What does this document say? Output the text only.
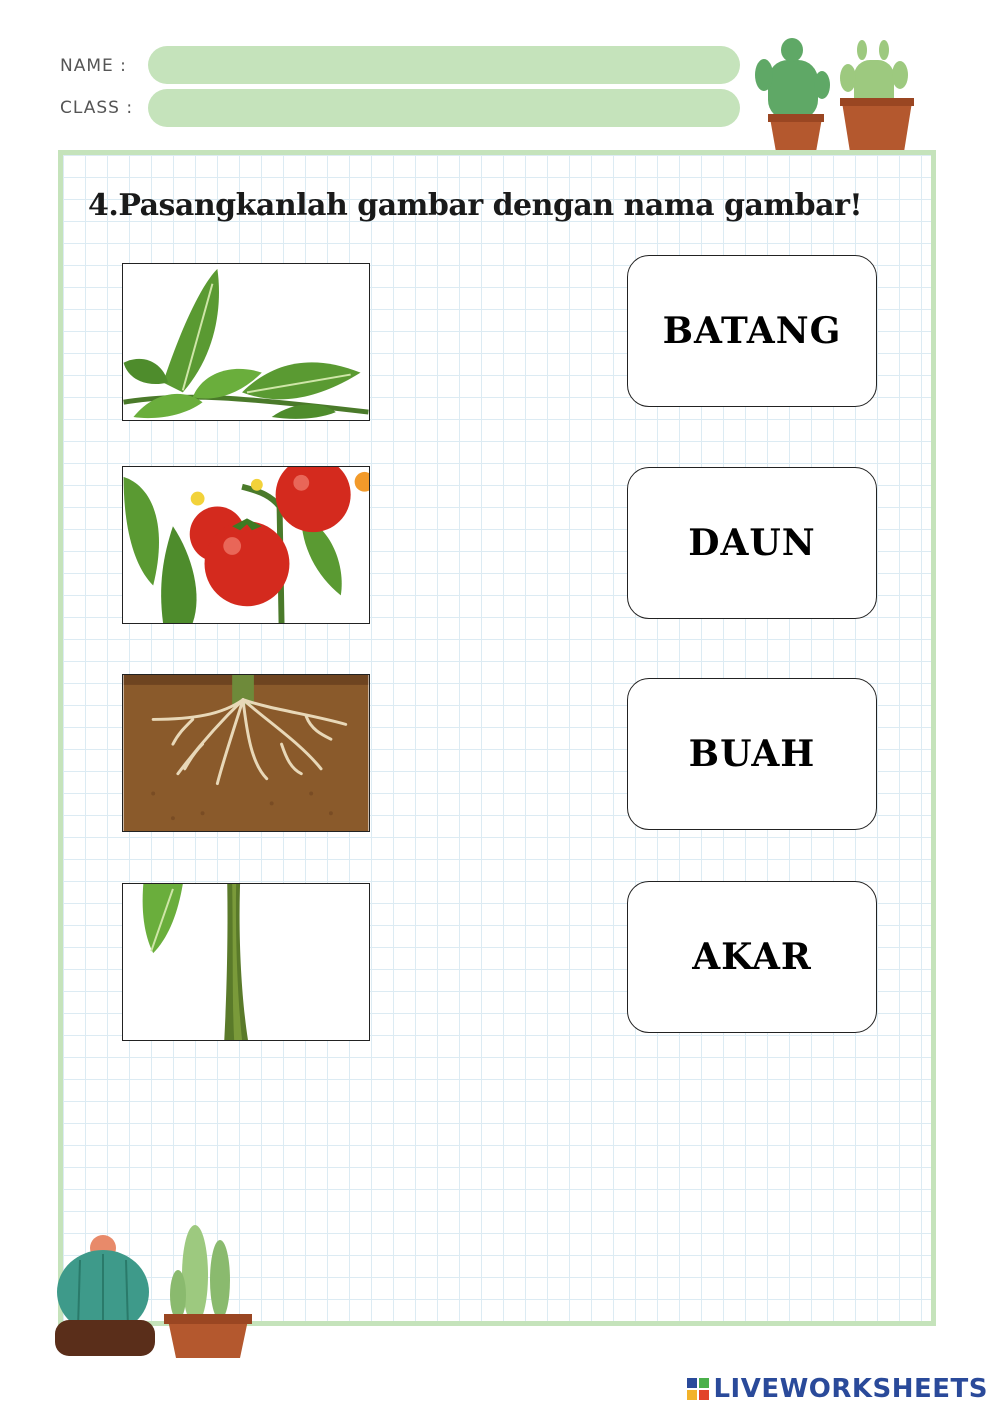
NAME :
CLASS :
4.Pasangkanlah gambar dengan nama gambar!
BATANG
DAUN
BUAH
AKAR
LIVEWORKSHEETS
